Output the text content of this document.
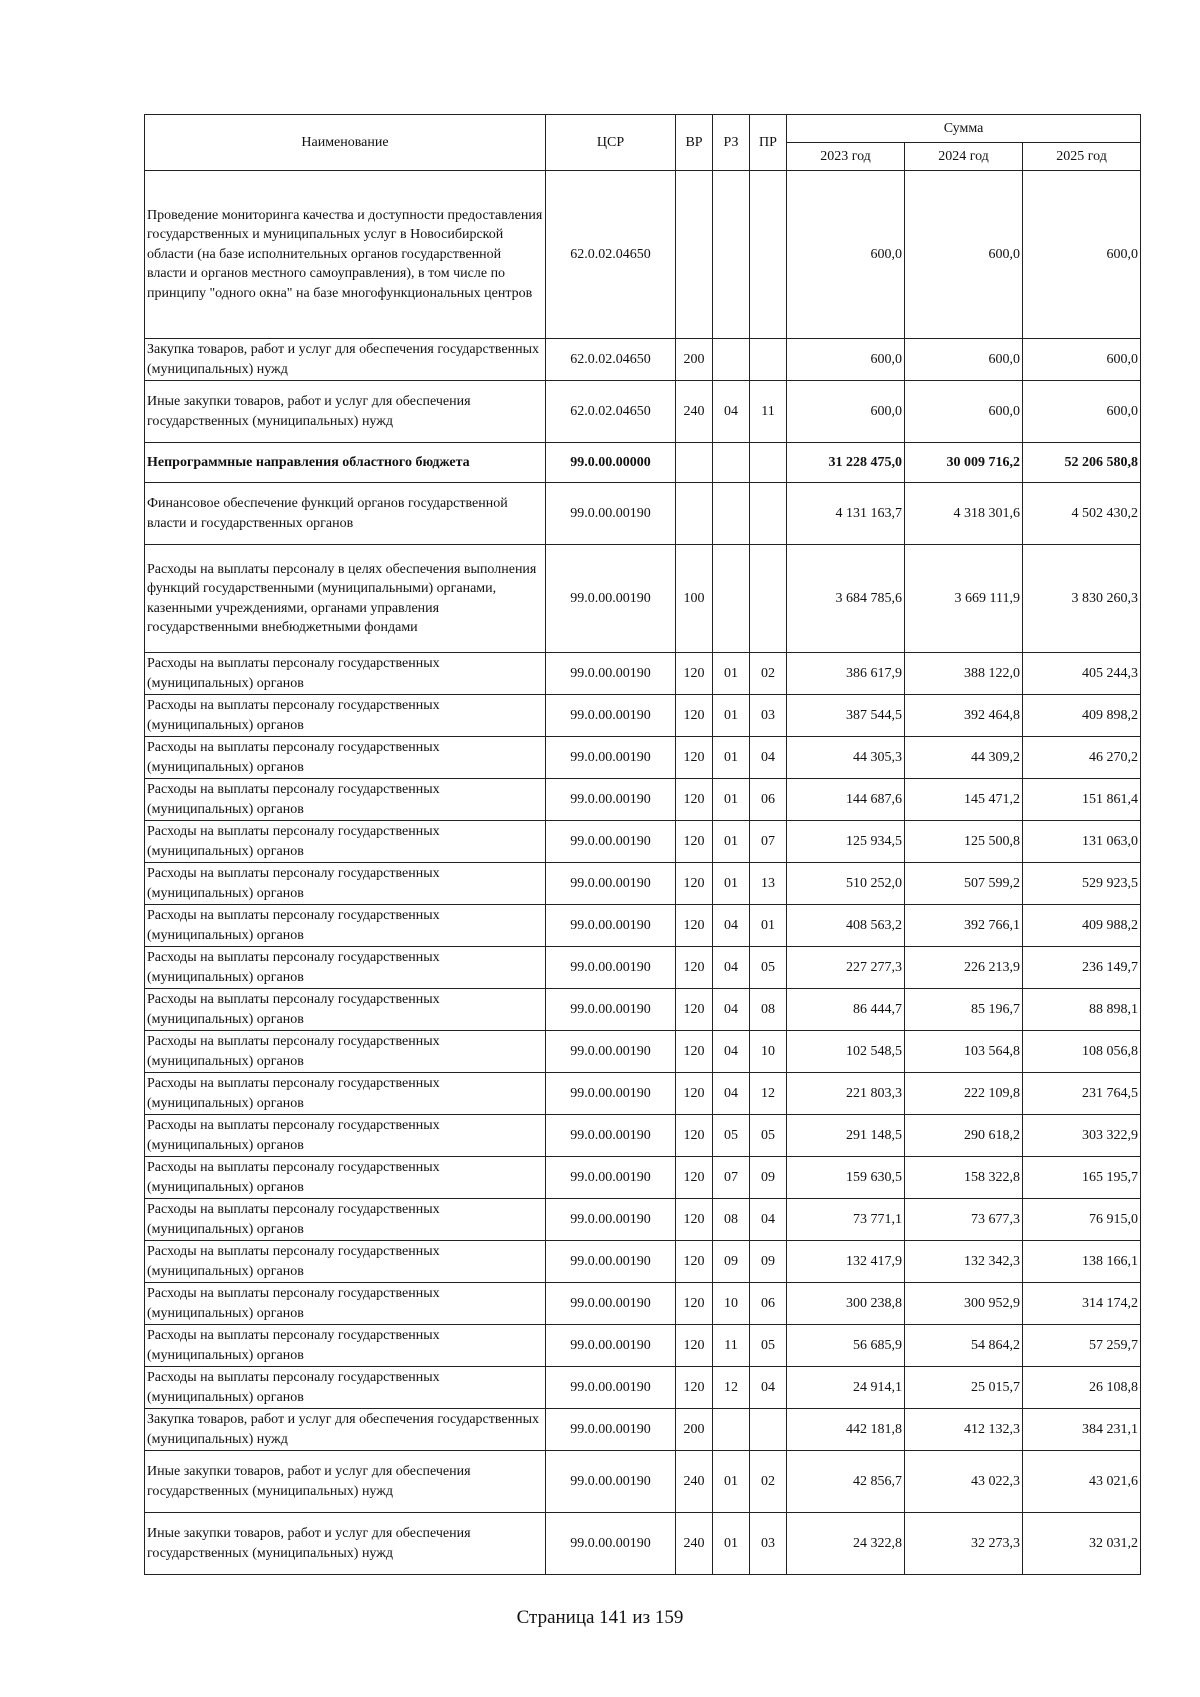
Наименование	ЦСР	ВР	РЗ	ПР	Сумма		
					2023 год	2024 год	2025 год
Проведение мониторинга качества и доступности предоставления государственных и муниципальных услуг в Новосибирской области (на базе исполнительных органов государственной власти и органов местного самоуправления), в том числе по принципу "одного окна" на базе многофункциональных центров	62.0.02.04650				600,0	600,0	600,0
Закупка товаров, работ и услуг для обеспечения государственных (муниципальных) нужд	62.0.02.04650	200			600,0	600,0	600,0
Иные закупки товаров, работ и услуг для обеспечения государственных (муниципальных) нужд	62.0.02.04650	240	04	11	600,0	600,0	600,0
Непрограммные направления областного бюджета	99.0.00.00000				31 228 475,0	30 009 716,2	52 206 580,8
Финансовое обеспечение функций органов государственной власти и государственных органов	99.0.00.00190				4 131 163,7	4 318 301,6	4 502 430,2
Расходы на выплаты персоналу в целях обеспечения выполнения функций государственными (муниципальными) органами, казенными учреждениями, органами управления государственными внебюджетными фондами	99.0.00.00190	100			3 684 785,6	3 669 111,9	3 830 260,3
Расходы на выплаты персоналу государственных (муниципальных) органов	99.0.00.00190	120	01	02	386 617,9	388 122,0	405 244,3
Расходы на выплаты персоналу государственных (муниципальных) органов	99.0.00.00190	120	01	03	387 544,5	392 464,8	409 898,2
Расходы на выплаты персоналу государственных (муниципальных) органов	99.0.00.00190	120	01	04	44 305,3	44 309,2	46 270,2
Расходы на выплаты персоналу государственных (муниципальных) органов	99.0.00.00190	120	01	06	144 687,6	145 471,2	151 861,4
Расходы на выплаты персоналу государственных (муниципальных) органов	99.0.00.00190	120	01	07	125 934,5	125 500,8	131 063,0
Расходы на выплаты персоналу государственных (муниципальных) органов	99.0.00.00190	120	01	13	510 252,0	507 599,2	529 923,5
Расходы на выплаты персоналу государственных (муниципальных) органов	99.0.00.00190	120	04	01	408 563,2	392 766,1	409 988,2
Расходы на выплаты персоналу государственных (муниципальных) органов	99.0.00.00190	120	04	05	227 277,3	226 213,9	236 149,7
Расходы на выплаты персоналу государственных (муниципальных) органов	99.0.00.00190	120	04	08	86 444,7	85 196,7	88 898,1
Расходы на выплаты персоналу государственных (муниципальных) органов	99.0.00.00190	120	04	10	102 548,5	103 564,8	108 056,8
Расходы на выплаты персоналу государственных (муниципальных) органов	99.0.00.00190	120	04	12	221 803,3	222 109,8	231 764,5
Расходы на выплаты персоналу государственных (муниципальных) органов	99.0.00.00190	120	05	05	291 148,5	290 618,2	303 322,9
Расходы на выплаты персоналу государственных (муниципальных) органов	99.0.00.00190	120	07	09	159 630,5	158 322,8	165 195,7
Расходы на выплаты персоналу государственных (муниципальных) органов	99.0.00.00190	120	08	04	73 771,1	73 677,3	76 915,0
Расходы на выплаты персоналу государственных (муниципальных) органов	99.0.00.00190	120	09	09	132 417,9	132 342,3	138 166,1
Расходы на выплаты персоналу государственных (муниципальных) органов	99.0.00.00190	120	10	06	300 238,8	300 952,9	314 174,2
Расходы на выплаты персоналу государственных (муниципальных) органов	99.0.00.00190	120	11	05	56 685,9	54 864,2	57 259,7
Расходы на выплаты персоналу государственных (муниципальных) органов	99.0.00.00190	120	12	04	24 914,1	25 015,7	26 108,8
Закупка товаров, работ и услуг для обеспечения государственных (муниципальных) нужд	99.0.00.00190	200			442 181,8	412 132,3	384 231,1
Иные закупки товаров, работ и услуг для обеспечения государственных (муниципальных) нужд	99.0.00.00190	240	01	02	42 856,7	43 022,3	43 021,6
Иные закупки товаров, работ и услуг для обеспечения государственных (муниципальных) нужд	99.0.00.00190	240	01	03	24 322,8	32 273,3	32 031,2
Страница 141 из 159
